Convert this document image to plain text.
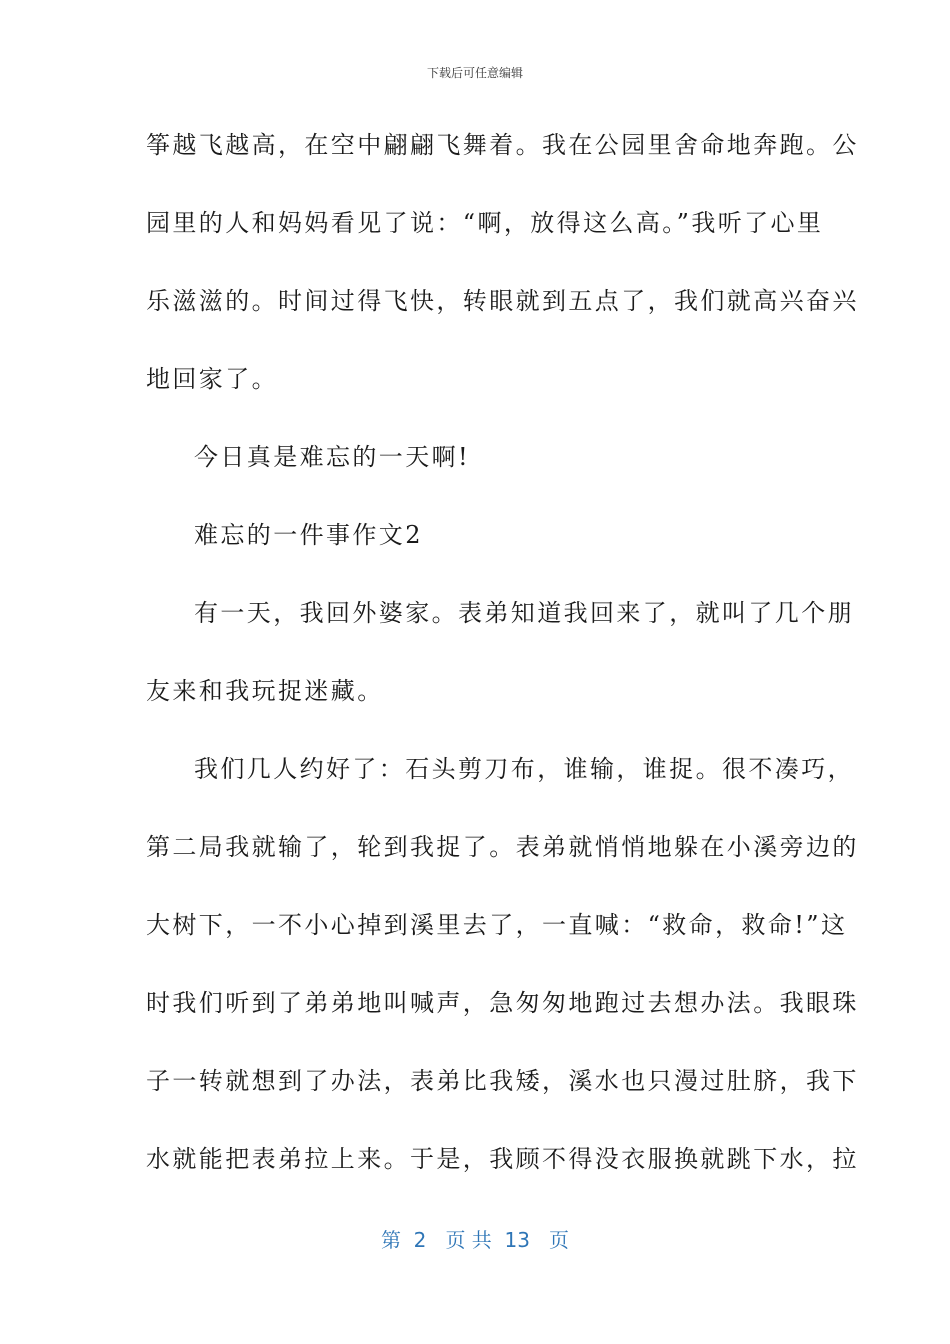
下载后可任意编辑
筝越飞越高，在空中翩翩飞舞着。我在公园里舍命地奔跑。公
园里的人和妈妈看见了说：“啊，放得这么高。”我听了心里
乐滋滋的。时间过得飞快，转眼就到五点了，我们就高兴奋兴
地回家了。
今日真是难忘的一天啊!
难忘的一件事作文2
有一天，我回外婆家。表弟知道我回来了，就叫了几个朋
友来和我玩捉迷藏。
我们几人约好了：石头剪刀布，谁输，谁捉。很不凑巧，
第二局我就输了，轮到我捉了。表弟就悄悄地躲在小溪旁边的
大树下，一不小心掉到溪里去了，一直喊：“救命，救命!”这
时我们听到了弟弟地叫喊声，急匆匆地跑过去想办法。我眼珠
子一转就想到了办法，表弟比我矮，溪水也只漫过肚脐，我下
水就能把表弟拉上来。于是，我顾不得没衣服换就跳下水，拉
第  2   页 共  13   页
